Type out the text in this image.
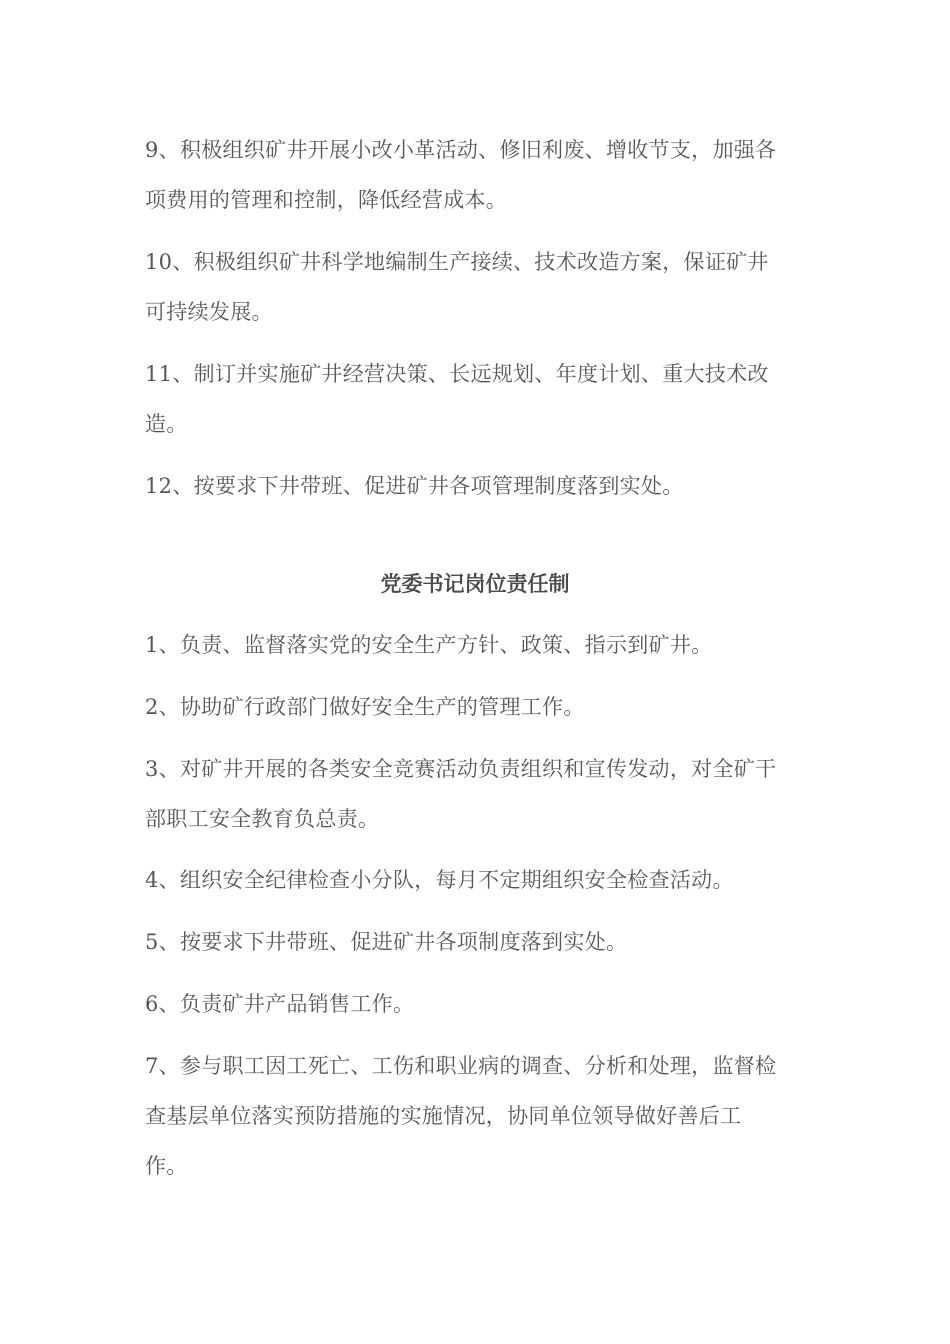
9、积极组织矿井开展小改小革活动、修旧利废、增收节支，加强各
项费用的管理和控制，降低经营成本。
10、积极组织矿井科学地编制生产接续、技术改造方案，保证矿井
可持续发展。
11、制订并实施矿井经营决策、长远规划、年度计划、重大技术改
造。
12、按要求下井带班、促进矿井各项管理制度落到实处。
党委书记岗位责任制
1、负责、监督落实党的安全生产方针、政策、指示到矿井。
2、协助矿行政部门做好安全生产的管理工作。
3、对矿井开展的各类安全竞赛活动负责组织和宣传发动，对全矿干
部职工安全教育负总责。
4、组织安全纪律检查小分队，每月不定期组织安全检查活动。
5、按要求下井带班、促进矿井各项制度落到实处。
6、负责矿井产品销售工作。
7、参与职工因工死亡、工伤和职业病的调查、分析和处理，监督检
查基层单位落实预防措施的实施情况，协同单位领导做好善后工
作。
